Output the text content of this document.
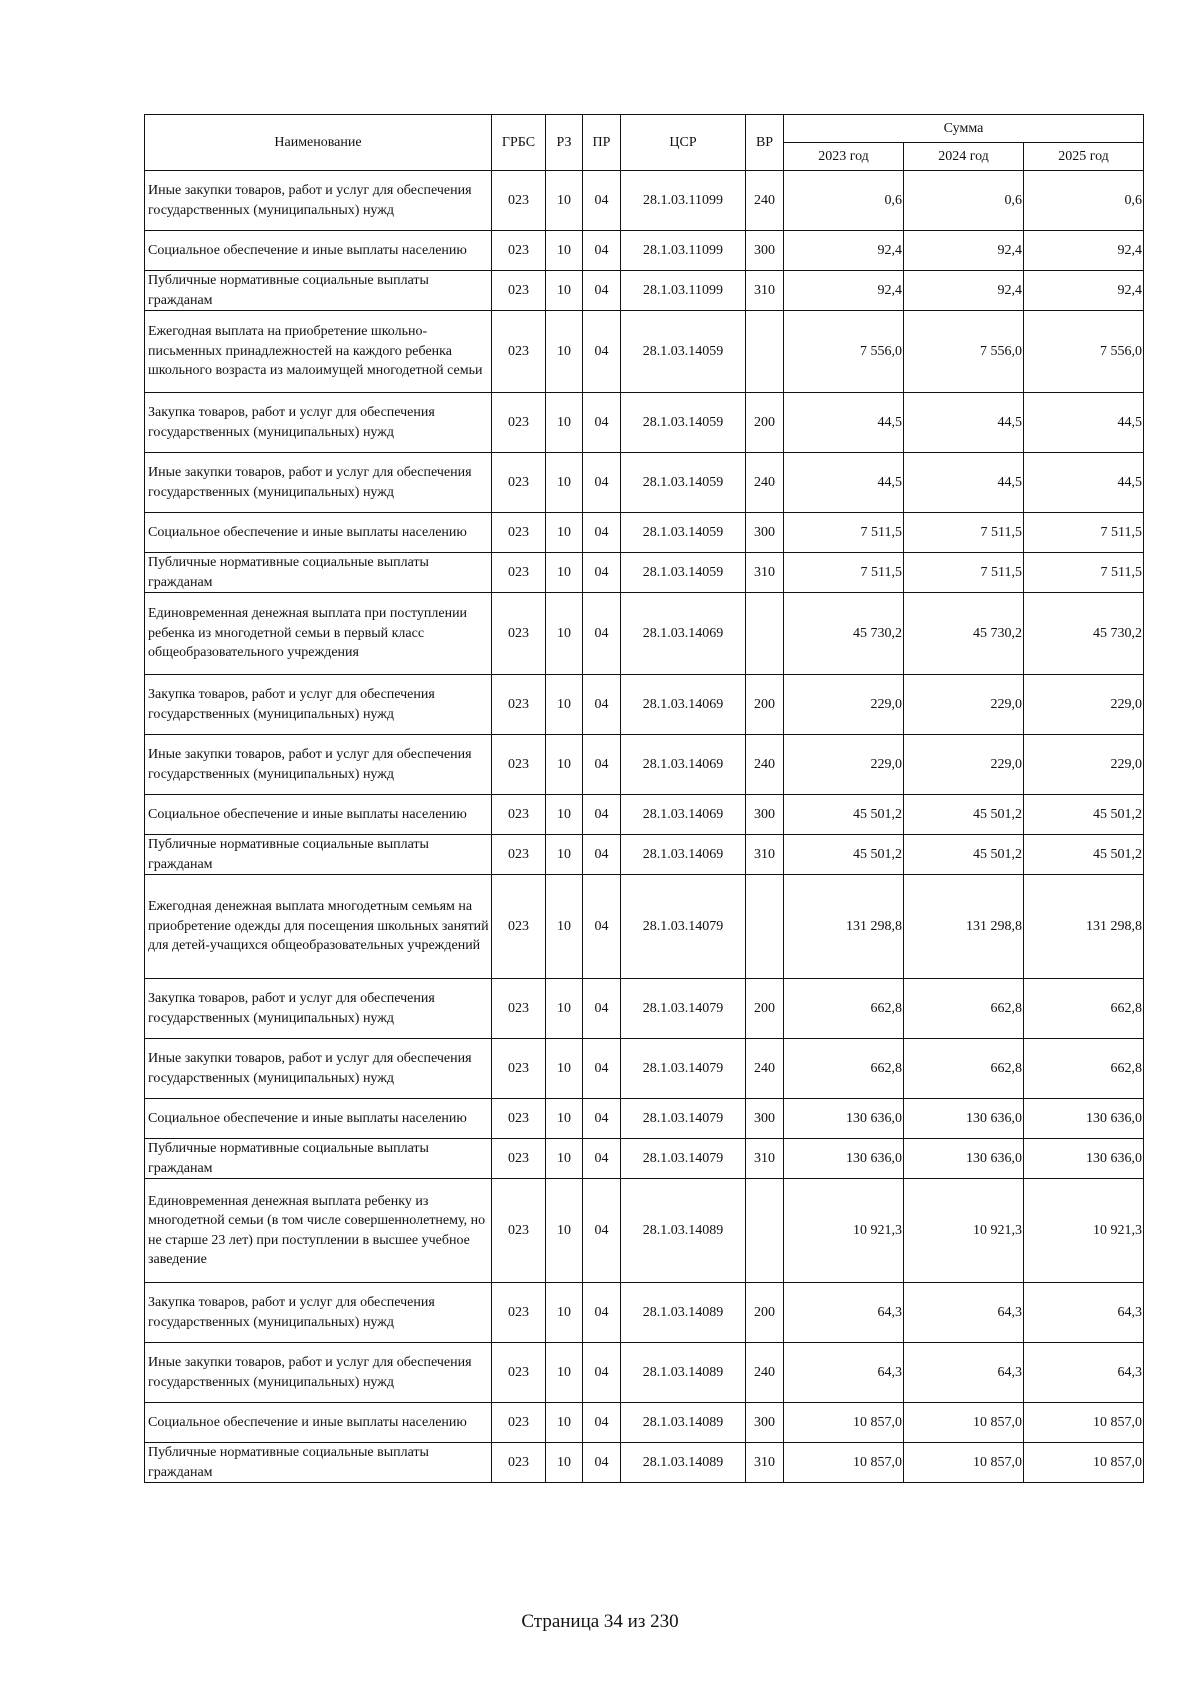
Наименование	ГРБС	РЗ	ПР	ЦСР	ВР	Сумма		
						2023 год	2024 год	2025 год
Иные закупки товаров, работ и услуг для обеспечения государственных (муниципальных) нужд	023	10	04	28.1.03.11099	240	0,6	0,6	0,6
Социальное обеспечение и иные выплаты населению	023	10	04	28.1.03.11099	300	92,4	92,4	92,4
Публичные нормативные социальные выплаты гражданам	023	10	04	28.1.03.11099	310	92,4	92,4	92,4
Ежегодная выплата на приобретение школьно-письменных принадлежностей на каждого ребенка школьного возраста из малоимущей многодетной семьи	023	10	04	28.1.03.14059		7 556,0	7 556,0	7 556,0
Закупка товаров, работ и услуг для обеспечения государственных (муниципальных) нужд	023	10	04	28.1.03.14059	200	44,5	44,5	44,5
Иные закупки товаров, работ и услуг для обеспечения государственных (муниципальных) нужд	023	10	04	28.1.03.14059	240	44,5	44,5	44,5
Социальное обеспечение и иные выплаты населению	023	10	04	28.1.03.14059	300	7 511,5	7 511,5	7 511,5
Публичные нормативные социальные выплаты гражданам	023	10	04	28.1.03.14059	310	7 511,5	7 511,5	7 511,5
Единовременная денежная выплата при поступлении ребенка из многодетной семьи в первый класс общеобразовательного учреждения	023	10	04	28.1.03.14069		45 730,2	45 730,2	45 730,2
Закупка товаров, работ и услуг для обеспечения государственных (муниципальных) нужд	023	10	04	28.1.03.14069	200	229,0	229,0	229,0
Иные закупки товаров, работ и услуг для обеспечения государственных (муниципальных) нужд	023	10	04	28.1.03.14069	240	229,0	229,0	229,0
Социальное обеспечение и иные выплаты населению	023	10	04	28.1.03.14069	300	45 501,2	45 501,2	45 501,2
Публичные нормативные социальные выплаты гражданам	023	10	04	28.1.03.14069	310	45 501,2	45 501,2	45 501,2
Ежегодная денежная выплата многодетным семьям на приобретение одежды для посещения школьных занятий для детей-учащихся общеобразовательных учреждений	023	10	04	28.1.03.14079		131 298,8	131 298,8	131 298,8
Закупка товаров, работ и услуг для обеспечения государственных (муниципальных) нужд	023	10	04	28.1.03.14079	200	662,8	662,8	662,8
Иные закупки товаров, работ и услуг для обеспечения государственных (муниципальных) нужд	023	10	04	28.1.03.14079	240	662,8	662,8	662,8
Социальное обеспечение и иные выплаты населению	023	10	04	28.1.03.14079	300	130 636,0	130 636,0	130 636,0
Публичные нормативные социальные выплаты гражданам	023	10	04	28.1.03.14079	310	130 636,0	130 636,0	130 636,0
Единовременная денежная выплата ребенку из многодетной семьи (в том числе совершеннолетнему, но не старше 23 лет) при поступлении в высшее учебное заведение	023	10	04	28.1.03.14089		10 921,3	10 921,3	10 921,3
Закупка товаров, работ и услуг для обеспечения государственных (муниципальных) нужд	023	10	04	28.1.03.14089	200	64,3	64,3	64,3
Иные закупки товаров, работ и услуг для обеспечения государственных (муниципальных) нужд	023	10	04	28.1.03.14089	240	64,3	64,3	64,3
Социальное обеспечение и иные выплаты населению	023	10	04	28.1.03.14089	300	10 857,0	10 857,0	10 857,0
Публичные нормативные социальные выплаты гражданам	023	10	04	28.1.03.14089	310	10 857,0	10 857,0	10 857,0
Страница 34 из 230
